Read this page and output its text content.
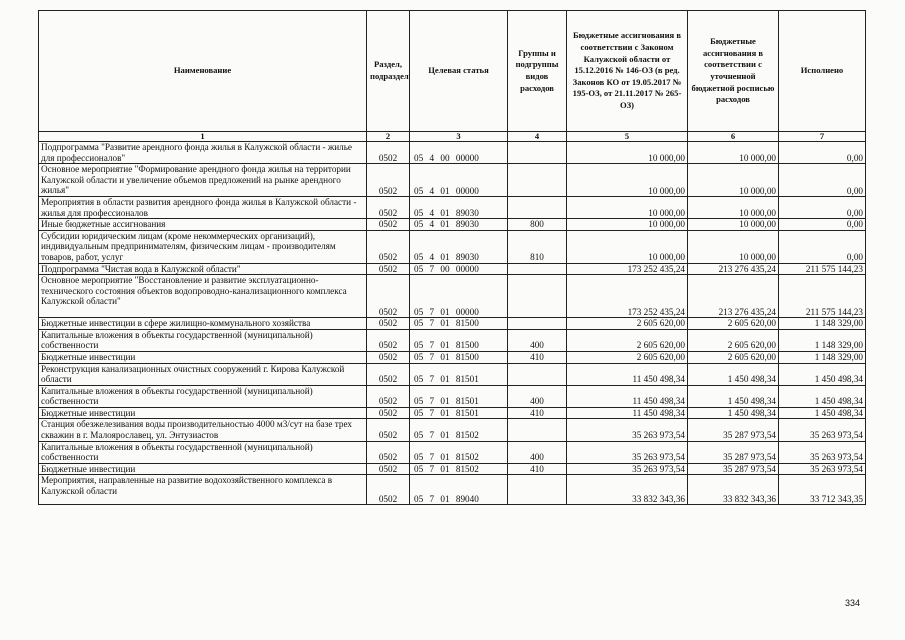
Наименование	Раздел, подраздел	Целевая статья	Группы и подгруппы видов расходов	Бюджетные ассигнования в соответствии с Законом Калужской области от 15.12.2016 № 146-ОЗ (в ред. Законов КО от 19.05.2017 № 195-ОЗ, от 21.11.2017 № 265-ОЗ)	Бюджетные ассигнования в соответствии с уточненной бюджетной росписью расходов	Исполнено
1	2	3	4	5	6	7
Подпрограмма "Развитие арендного фонда жилья в Калужской области - жилье для профессионалов"	0502	05 4 00 00000		10 000,00	10 000,00	0,00
Основное мероприятие "Формирование арендного фонда жилья на территории Калужской области и увеличение объемов предложений на рынке арендного жилья"	0502	05 4 01 00000		10 000,00	10 000,00	0,00
Мероприятия в области развития арендного фонда жилья в Калужской области - жилья для профессионалов	0502	05 4 01 89030		10 000,00	10 000,00	0,00
Иные бюджетные ассигнования	0502	05 4 01 89030	800	10 000,00	10 000,00	0,00
Субсидии юридическим лицам (кроме некоммерческих организаций), индивидуальным предпринимателям, физическим лицам - производителям товаров, работ, услуг	0502	05 4 01 89030	810	10 000,00	10 000,00	0,00
Подпрограмма "Чистая вода в Калужской области"	0502	05 7 00 00000		173 252 435,24	213 276 435,24	211 575 144,23
Основное мероприятие "Восстановление и развитие эксплуатационно-технического состояния объектов водопроводно-канализационного комплекса Калужской области"	0502	05 7 01 00000		173 252 435,24	213 276 435,24	211 575 144,23
Бюджетные инвестиции в сфере жилищно-коммунального хозяйства	0502	05 7 01 81500		2 605 620,00	2 605 620,00	1 148 329,00
Капитальные вложения в объекты государственной (муниципальной) собственности	0502	05 7 01 81500	400	2 605 620,00	2 605 620,00	1 148 329,00
Бюджетные инвестиции	0502	05 7 01 81500	410	2 605 620,00	2 605 620,00	1 148 329,00
Реконструкция канализационных очистных сооружений г. Кирова Калужской области	0502	05 7 01 81501		11 450 498,34	1 450 498,34	1 450 498,34
Капитальные вложения в объекты государственной (муниципальной) собственности	0502	05 7 01 81501	400	11 450 498,34	1 450 498,34	1 450 498,34
Бюджетные инвестиции	0502	05 7 01 81501	410	11 450 498,34	1 450 498,34	1 450 498,34
Станция обезжелезивания воды производительностью 4000 м3/сут на базе трех скважин в г. Малоярославец, ул. Энтузиастов	0502	05 7 01 81502		35 263 973,54	35 287 973,54	35 263 973,54
Капитальные вложения в объекты государственной (муниципальной) собственности	0502	05 7 01 81502	400	35 263 973,54	35 287 973,54	35 263 973,54
Бюджетные инвестиции	0502	05 7 01 81502	410	35 263 973,54	35 287 973,54	35 263 973,54
Мероприятия, направленные на развитие водохозяйственного комплекса в Калужской области	0502	05 7 01 89040		33 832 343,36	33 832 343,36	33 712 343,35
334
